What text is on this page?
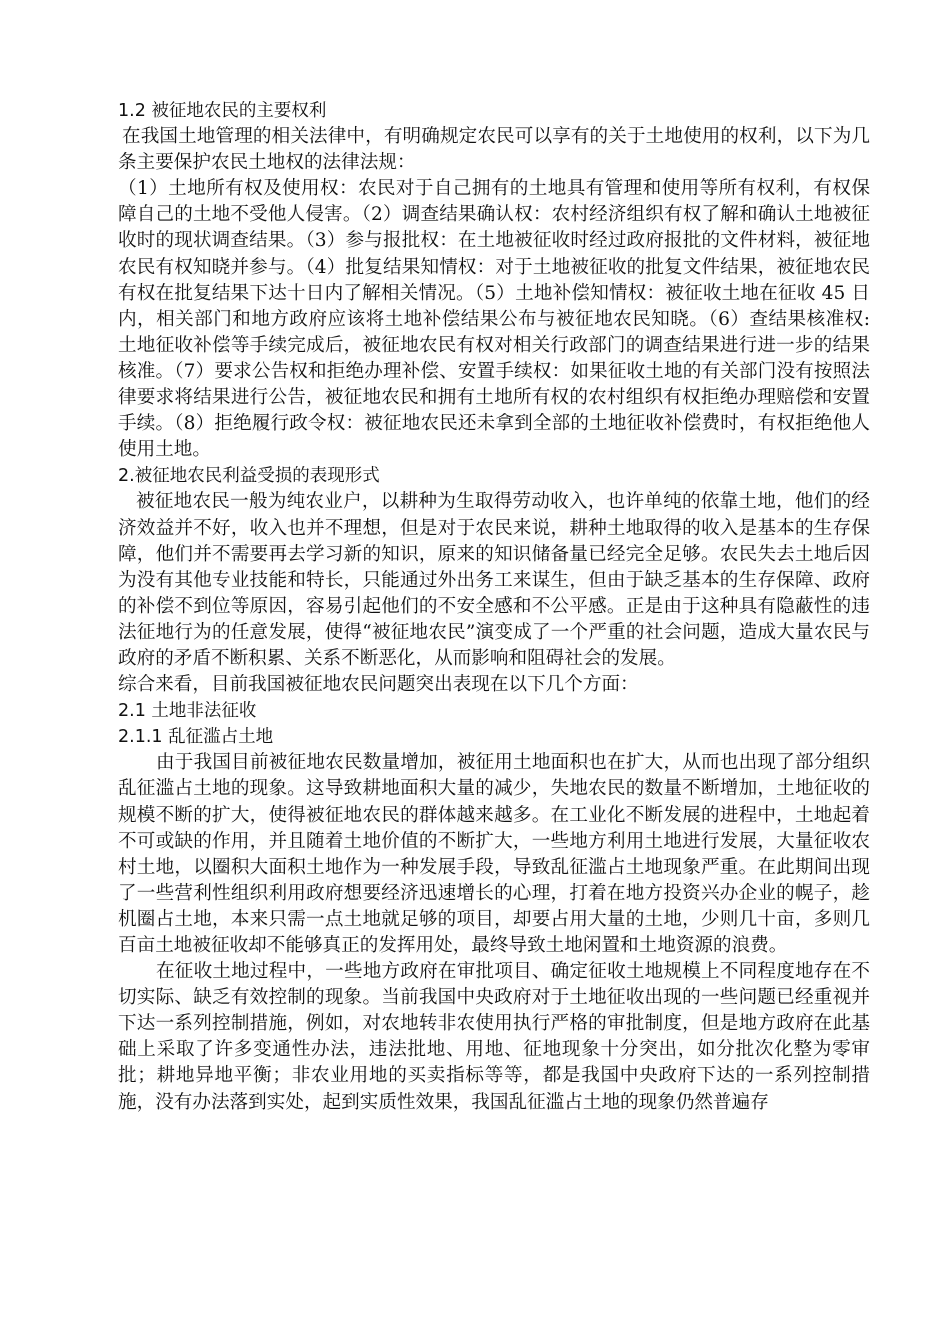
1.2 被征地农民的主要权利

在我国土地管理的相关法律中，有明确规定农民可以享有的关于土地使用的权利，以下为几条主要保护农民土地权的法律法规：

（1）土地所有权及使用权：农民对于自己拥有的土地具有管理和使用等所有权利，有权保障自己的土地不受他人侵害。（2）调查结果确认权：农村经济组织有权了解和确认土地被征收时的现状调查结果。（3）参与报批权：在土地被征收时经过政府报批的文件材料，被征地农民有权知晓并参与。（4）批复结果知情权：对于土地被征收的批复文件结果，被征地农民有权在批复结果下达十日内了解相关情况。（5）土地补偿知情权：被征收土地在征收 45 日内，相关部门和地方政府应该将土地补偿结果公布与被征地农民知晓。（6）查结果核准权:土地征收补偿等手续完成后，被征地农民有权对相关行政部门的调查结果进行进一步的结果核准。（7）要求公告权和拒绝办理补偿、安置手续权：如果征收土地的有关部门没有按照法律要求将结果进行公告，被征地农民和拥有土地所有权的农村组织有权拒绝办理赔偿和安置手续。（8）拒绝履行政令权：被征地农民还未拿到全部的土地征收补偿费时，有权拒绝他人使用土地。

2.被征地农民利益受损的表现形式

被征地农民一般为纯农业户，以耕种为生取得劳动收入，也许单纯的依靠土地，他们的经济效益并不好，收入也并不理想，但是对于农民来说，耕种土地取得的收入是基本的生存保障，他们并不需要再去学习新的知识，原来的知识储备量已经完全足够。农民失去土地后因为没有其他专业技能和特长，只能通过外出务工来谋生，但由于缺乏基本的生存保障、政府的补偿不到位等原因，容易引起他们的不安全感和不公平感。正是由于这种具有隐蔽性的违法征地行为的任意发展，使得“被征地农民”演变成了一个严重的社会问题，造成大量农民与政府的矛盾不断积累、关系不断恶化，从而影响和阻碍社会的发展。

综合来看，目前我国被征地农民问题突出表现在以下几个方面：

2.1 土地非法征收

2.1.1 乱征滥占土地

由于我国目前被征地农民数量增加，被征用土地面积也在扩大，从而也出现了部分组织乱征滥占土地的现象。这导致耕地面积大量的减少，失地农民的数量不断增加，土地征收的规模不断的扩大，使得被征地农民的群体越来越多。在工业化不断发展的进程中，土地起着不可或缺的作用，并且随着土地价值的不断扩大，一些地方利用土地进行发展，大量征收农村土地，以圈积大面积土地作为一种发展手段，导致乱征滥占土地现象严重。在此期间出现了一些营利性组织利用政府想要经济迅速增长的心理，打着在地方投资兴办企业的幌子，趁机圈占土地，本来只需一点土地就足够的项目，却要占用大量的土地，少则几十亩，多则几百亩土地被征收却不能够真正的发挥用处，最终导致土地闲置和土地资源的浪费。

在征收土地过程中，一些地方政府在审批项目、确定征收土地规模上不同程度地存在不切实际、缺乏有效控制的现象。当前我国中央政府对于土地征收出现的一些问题已经重视并下达一系列控制措施，例如，对农地转非农使用执行严格的审批制度，但是地方政府在此基础上采取了许多变通性办法，违法批地、用地、征地现象十分突出，如分批次化整为零审批；耕地异地平衡；非农业用地的买卖指标等等，都是我国中央政府下达的一系列控制措施，没有办法落到实处，起到实质性效果，我国乱征滥占土地的现象仍然普遍存
